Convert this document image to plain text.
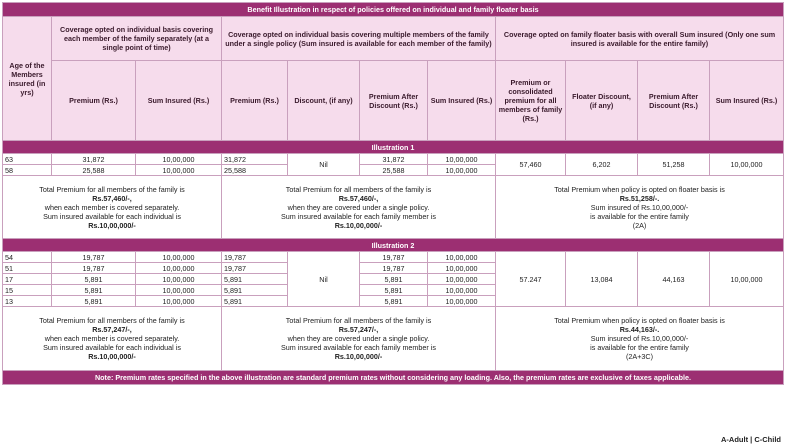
Benefit Illustration in respect of policies offered on individual and family floater basis										
Age of the Members insured (in yrs)	Coverage opted on individual basis covering each member of the family separately (at a single point of time)		Coverage opted on individual basis covering multiple members of the family under a single policy (Sum insured is available for each member of the family)				Coverage opted on family floater basis with overall Sum insured (Only one sum insured is available for the entire family)			
	Premium (Rs.)	Sum Insured (Rs.)	Premium (Rs.)	Discount, (if any)	Premium After Discount (Rs.)	Sum Insured (Rs.)	Premium or consolidated premium for all members of family (Rs.)	Floater Discount, (if any)	Premium After Discount (Rs.)	Sum Insured (Rs.)
Illustration 1										
63	31,872	10,00,000	31,872	Nil	31,872	10,00,000	57,460	6,202	51,258	10,00,000
58	25,588	10,00,000	25,588		25,588	10,00,000				
Total Premium for all members of the family is
Rs.57,460/-,
when each member is covered separately.
Sum insured available for each individual is
Rs.10,00,000/-			Total Premium for all members of the family is
Rs.57,460/-,
when they are covered under a single policy.
Sum insured available for each family member is
Rs.10,00,000/-				Total Premium when policy is opted on floater basis is
Rs.51,258/-.
Sum insured of Rs.10,00,000/-
is available for the entire family
(2A)			
Illustration 2										
54	19,787	10,00,000	19,787	Nil	19,787	10,00,000	57.247	13,084	44,163	10,00,000
51	19,787	10,00,000	19,787		19,787	10,00,000				
17	5,891	10,00,000	5,891		5,891	10,00,000				
15	5,891	10,00,000	5,891		5,891	10,00,000				
13	5,891	10,00,000	5,891		5,891	10,00,000				
Total Premium for all members of the family is
Rs.57,247/-,
when each member is covered separately.
Sum insured available for each individual is
Rs.10,00,000/-			Total Premium for all members of the family is
Rs.57,247/-,
when they are covered under a single policy.
Sum insured available for each family member is
Rs.10,00,000/-				Total Premium when policy is opted on floater basis is
Rs.44,163/-.
Sum insured of Rs.10,00,000/-
is available for the entire family
(2A+3C)			
Note: Premium rates specified in the above illustration are standard premium rates without considering any loading. Also, the premium rates are exclusive of taxes applicable.										
A-Adult | C-Child
